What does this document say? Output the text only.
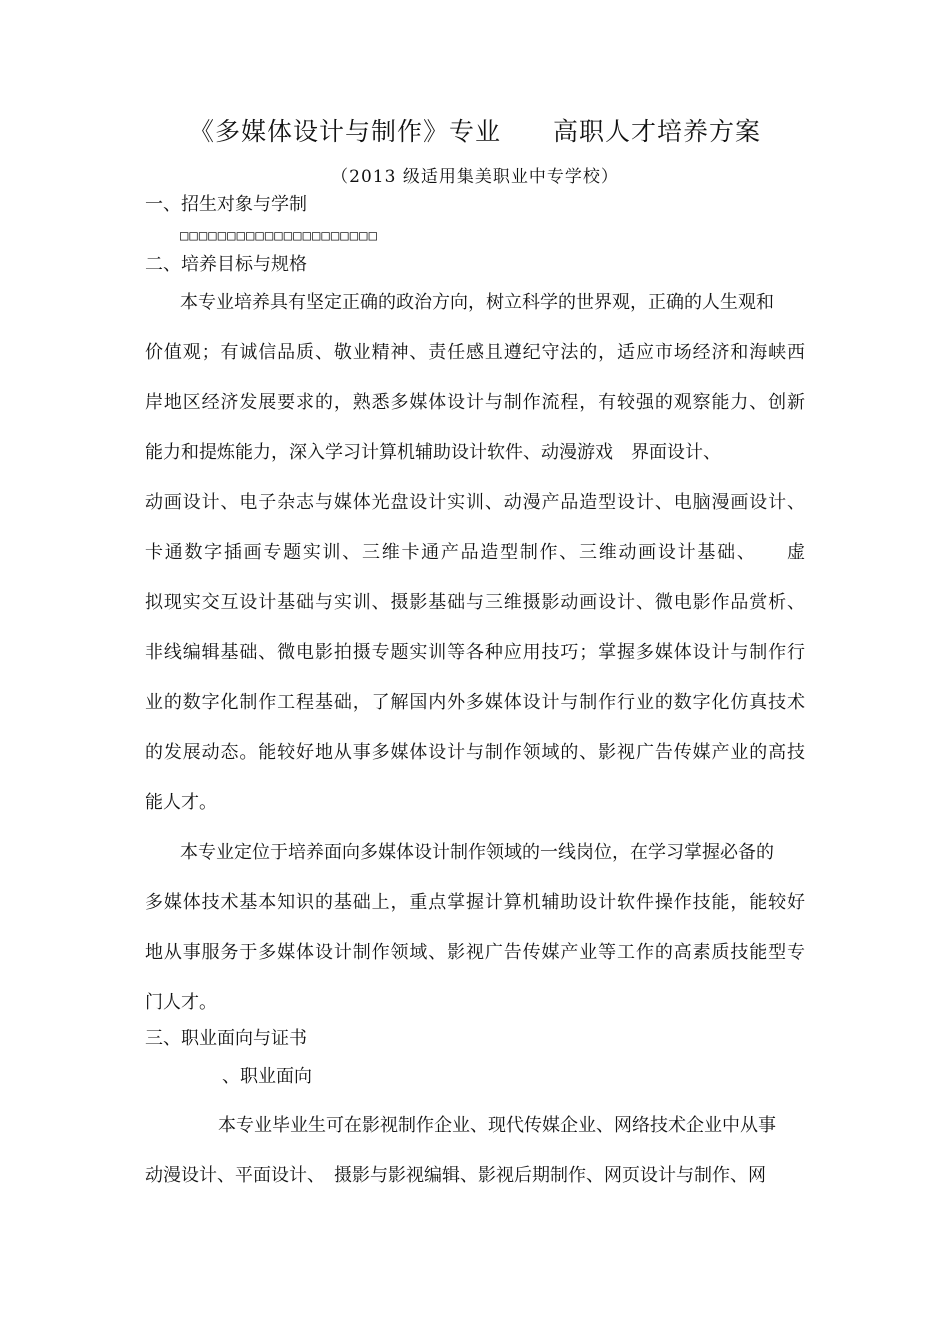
《多媒体设计与制作》专业　　高职人才培养方案
（2013 级适用集美职业中专学校）
一、招生对象与学制
□□□□□□□□□□□□□□□□□□□□□
二、培养目标与规格
本专业培养具有坚定正确的政治方向，树立科学的世界观，正确的人生观和
价值观；有诚信品质、敬业精神、责任感且遵纪守法的，适应市场经济和海峡西
岸地区经济发展要求的，熟悉多媒体设计与制作流程，有较强的观察能力、创新
能力和提炼能力，深入学习计算机辅助设计软件、动漫游戏　界面设计、
动画设计、电子杂志与媒体光盘设计实训、动漫产品造型设计、电脑漫画设计、
卡通数字插画专题实训、三维卡通产品造型制作、三维动画设计基础、　　虚
拟现实交互设计基础与实训、摄影基础与三维摄影动画设计、微电影作品赏析、
非线编辑基础、微电影拍摄专题实训等各种应用技巧；掌握多媒体设计与制作行
业的数字化制作工程基础，了解国内外多媒体设计与制作行业的数字化仿真技术
的发展动态。能较好地从事多媒体设计与制作领域的、影视广告传媒产业的高技
能人才。
本专业定位于培养面向多媒体设计制作领域的一线岗位，在学习掌握必备的
多媒体技术基本知识的基础上，重点掌握计算机辅助设计软件操作技能，能较好
地从事服务于多媒体设计制作领域、影视广告传媒产业等工作的高素质技能型专
门人才。
三、职业面向与证书
、职业面向
本专业毕业生可在影视制作企业、现代传媒企业、网络技术企业中从事
动漫设计、平面设计、　摄影与影视编辑、影视后期制作、网页设计与制作、网
